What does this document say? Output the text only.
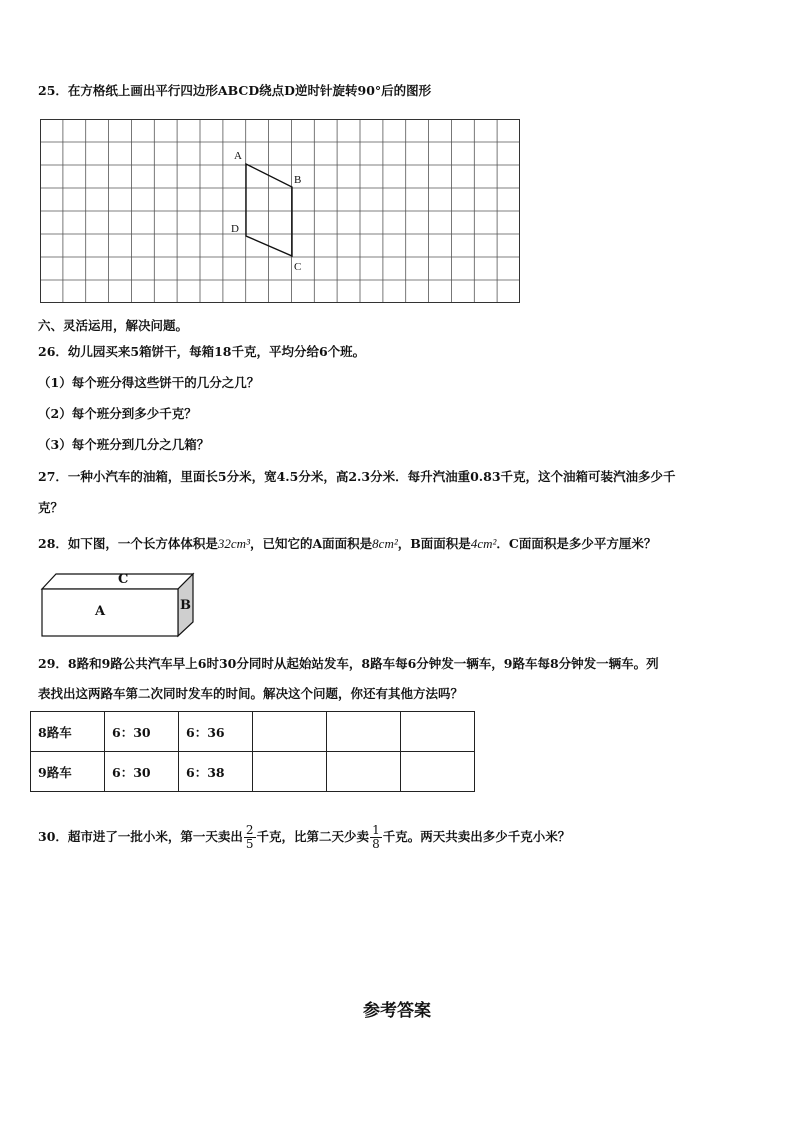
25．在方格纸上画出平行四边形ABCD绕点D逆时针旋转90°后的图形
A
B
C
D
六、灵活运用，解决问题。
26．幼儿园买来5箱饼干，每箱18千克，平均分给6个班。
（1）每个班分得这些饼干的几分之几？
（2）每个班分到多少千克？
（3）每个班分到几分之几箱？
27．一种小汽车的油箱，里面长5分米，宽4.5分米，高2.3分米．每升汽油重0.83千克，这个油箱可装汽油多少千
克？
28．如下图，一个长方体体积是32cm³，已知它的A面面积是8cm²，B面面积是4cm²．C面面积是多少平方厘米？
C
A	B
29．8路和9路公共汽车早上6时30分同时从起始站发车，8路车每6分钟发一辆车，9路车每8分钟发一辆车。列
表找出这两路车第二次同时发车的时间。解决这个问题，你还有其他方法吗？
8路车	6：30	6：36			
9路车	6：30	6：38			
30．超市进了一批小米，第一天卖出 $\frac{2}{5}$ 千克，比第二天少卖 $\frac{1}{8}$ 千克。两天共卖出多少千克小米？
参考答案
